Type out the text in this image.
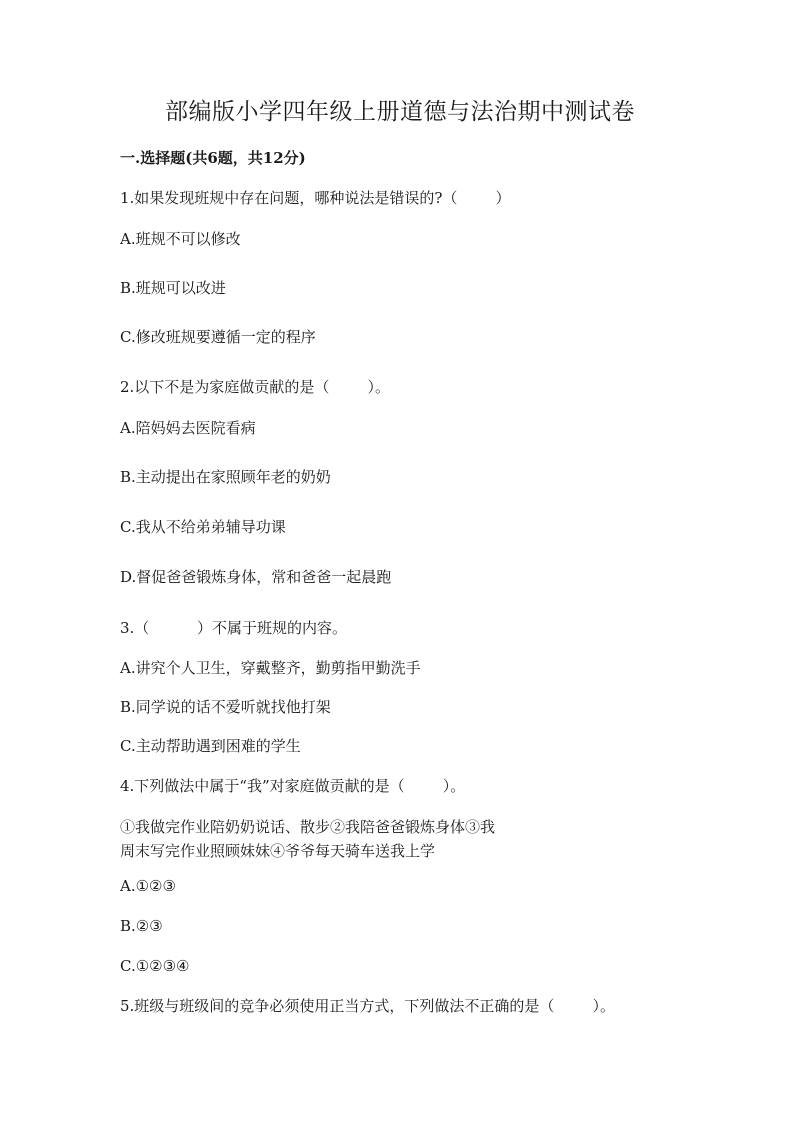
部编版小学四年级上册道德与法治期中测试卷
一.选择题(共6题，共12分)
1.如果发现班规中存在问题，哪种说法是错误的?（        ）
A.班规不可以修改
B.班规可以改进
C.修改班规要遵循一定的程序
2.以下不是为家庭做贡献的是（        ）。
A.陪妈妈去医院看病
B.主动提出在家照顾年老的奶奶
C.我从不给弟弟辅导功课
D.督促爸爸锻炼身体，常和爸爸一起晨跑
3.（          ）不属于班规的内容。
A.讲究个人卫生，穿戴整齐，勤剪指甲勤洗手
B.同学说的话不爱听就找他打架
C.主动帮助遇到困难的学生
4.下列做法中属于“我”对家庭做贡献的是（        ）。
①我做完作业陪奶奶说话、散步②我陪爸爸锻炼身体③我周末写完作业照顾妹妹④爷爷每天骑车送我上学
A.①②③
B.②③
C.①②③④
5.班级与班级间的竞争必须使用正当方式，下列做法不正确的是（        ）。
